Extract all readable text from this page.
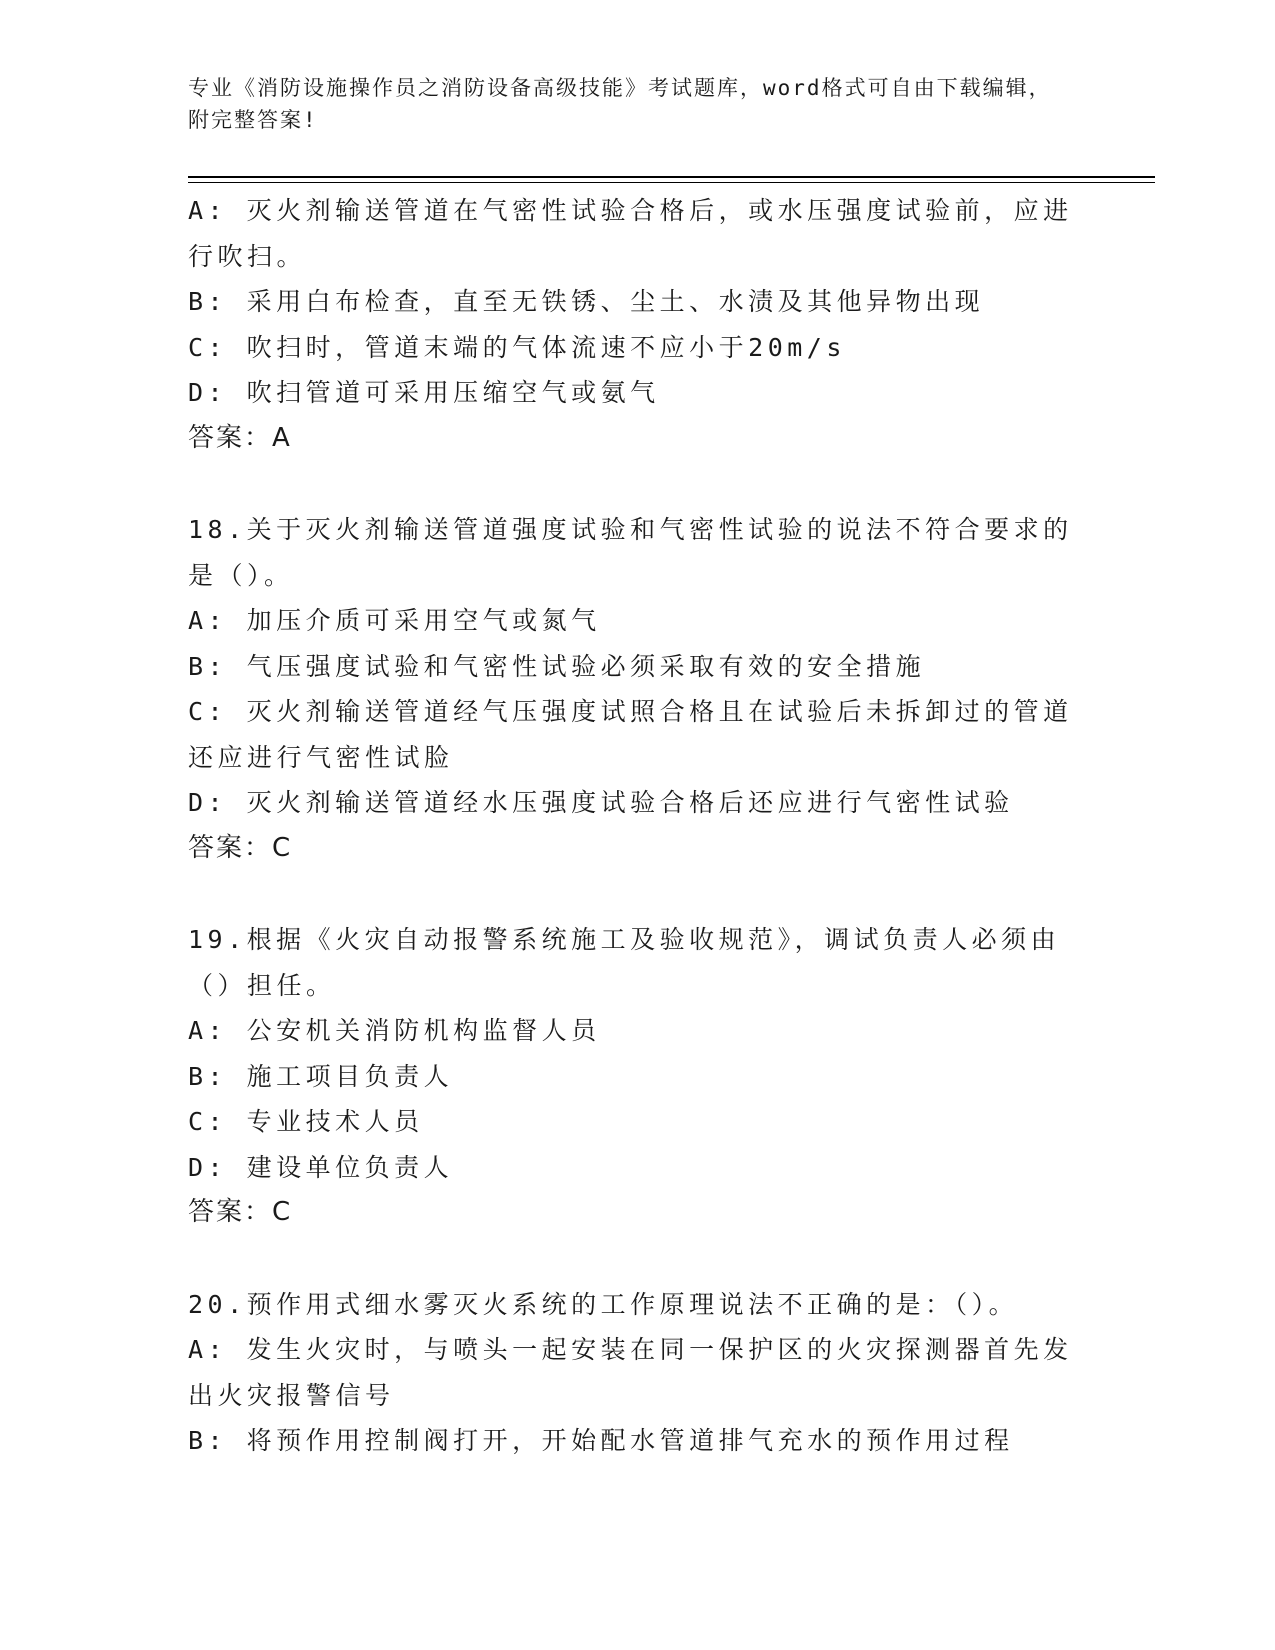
专业《消防设施操作员之消防设备高级技能》考试题库，word格式可自由下载编辑，附完整答案!
A: 灭火剂输送管道在气密性试验合格后，或水压强度试验前，应进行吹扫。
B: 采用白布检查，直至无铁锈、尘土、水渍及其他异物出现
C: 吹扫时，管道末端的气体流速不应小于20m/s
D: 吹扫管道可采用压缩空气或氨气
答案：A
18.关于灭火剂输送管道强度试验和气密性试验的说法不符合要求的是（）。
A: 加压介质可采用空气或氮气
B: 气压强度试验和气密性试验必须采取有效的安全措施
C: 灭火剂输送管道经气压强度试照合格且在试验后未拆卸过的管道还应进行气密性试脸
D: 灭火剂输送管道经水压强度试验合格后还应进行气密性试验
答案：C
19.根据《火灾自动报警系统施工及验收规范》，调试负责人必须由（）担任。
A: 公安机关消防机构监督人员
B: 施工项目负责人
C: 专业技术人员
D: 建设单位负责人
答案：C
20.预作用式细水雾灭火系统的工作原理说法不正确的是：（）。
A: 发生火灾时，与喷头一起安装在同一保护区的火灾探测器首先发出火灾报警信号
B: 将预作用控制阀打开，开始配水管道排气充水的预作用过程
